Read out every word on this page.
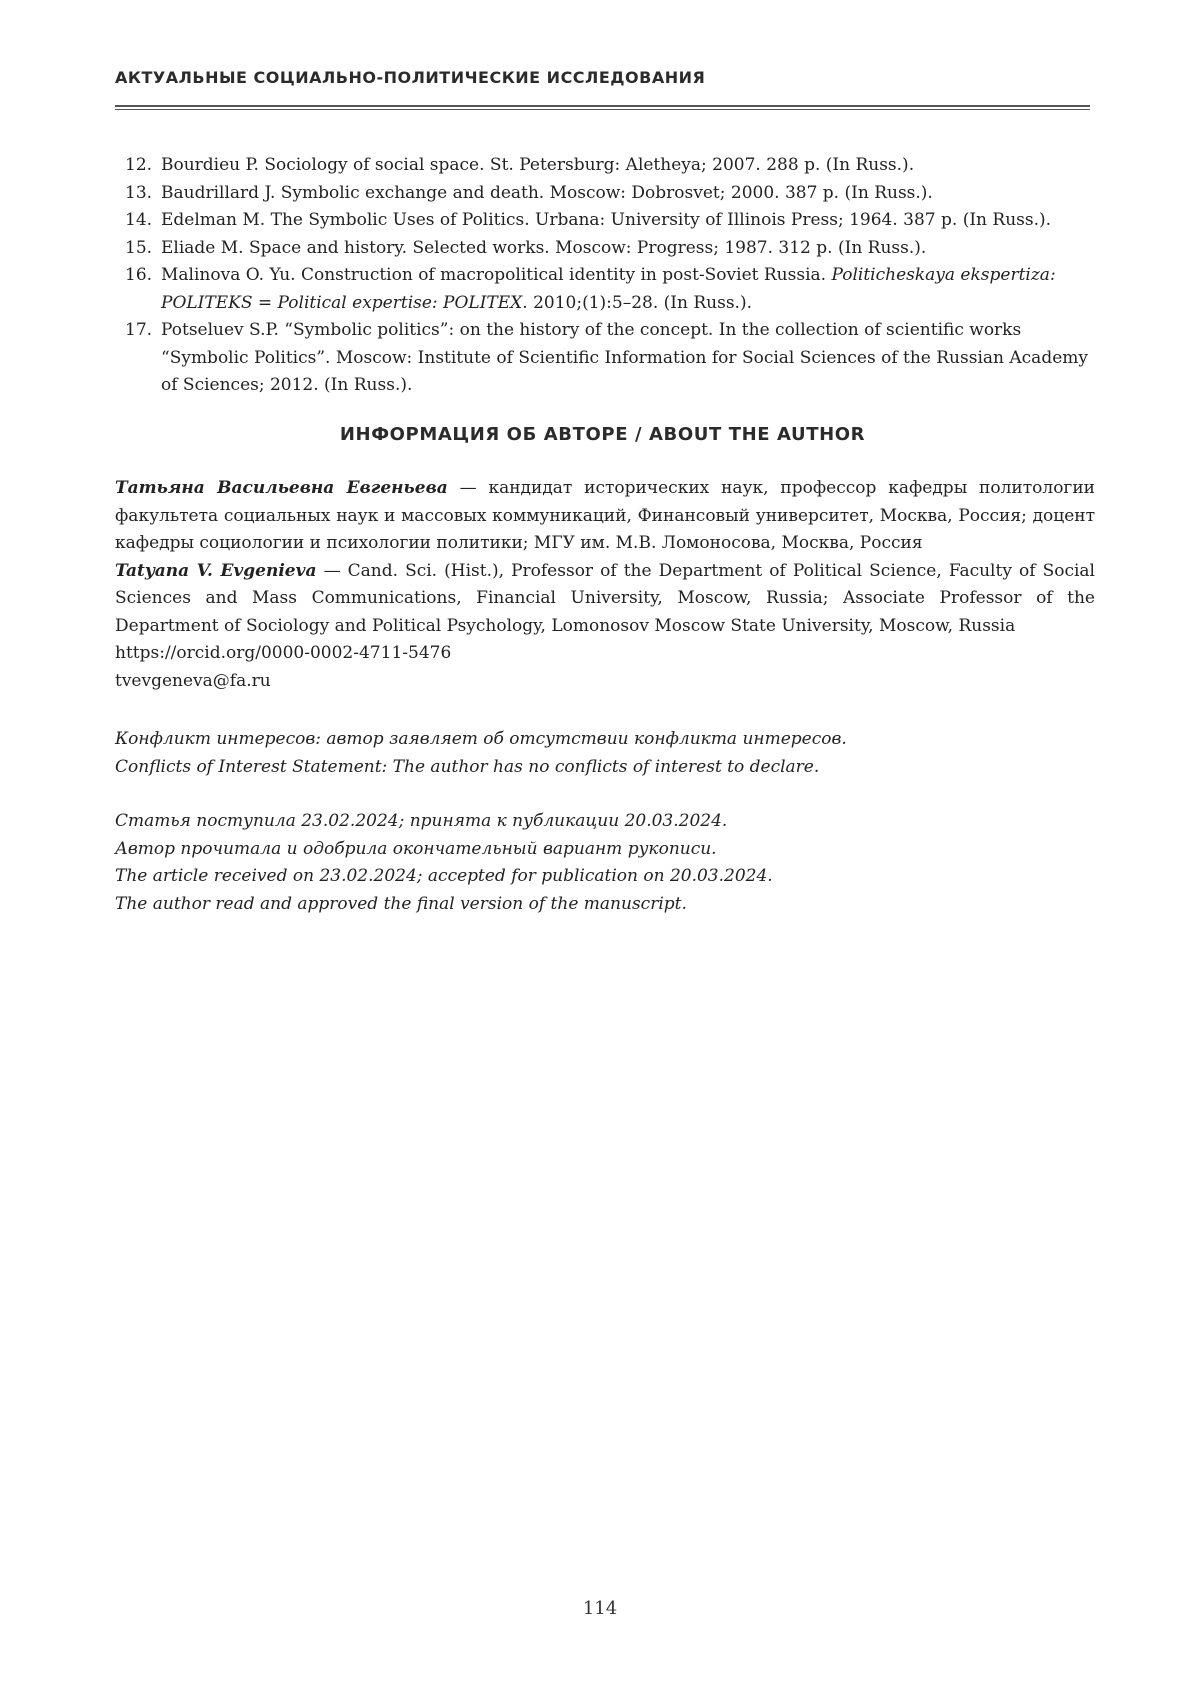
АКТУАЛЬНЫЕ СОЦИАЛЬНО-ПОЛИТИЧЕСКИЕ ИССЛЕДОВАНИЯ
12. Bourdieu P. Sociology of social space. St. Petersburg: Aletheya; 2007. 288 p. (In Russ.).
13. Baudrillard J. Symbolic exchange and death. Moscow: Dobrosvet; 2000. 387 p. (In Russ.).
14. Edelman M. The Symbolic Uses of Politics. Urbana: University of Illinois Press; 1964. 387 p. (In Russ.).
15. Eliade M. Space and history. Selected works. Moscow: Progress; 1987. 312 p. (In Russ.).
16. Malinova O. Yu. Construction of macropolitical identity in post-Soviet Russia. Politicheskaya ekspertiza: POLITEKS = Political expertise: POLITEX. 2010;(1):5–28. (In Russ.).
17. Potseluev S.P. “Symbolic politics”: on the history of the concept. In the collection of scientific works “Symbolic Politics”. Moscow: Institute of Scientific Information for Social Sciences of the Russian Academy of Sciences; 2012. (In Russ.).
ИНФОРМАЦИЯ ОБ АВТОРЕ / ABOUT THE AUTHOR

Татьяна Васильевна Евгеньева — кандидат исторических наук, профессор кафедры политологии факультета социальных наук и массовых коммуникаций, Финансовый университет, Москва, Россия; доцент кафедры социологии и психологии политики; МГУ им. М.В. Ломоносова, Москва, Россия

Tatyana V. Evgenieva — Cand. Sci. (Hist.), Professor of the Department of Political Science, Faculty of Social Sciences and Mass Communications, Financial University, Moscow, Russia; Associate Professor of the Department of Sociology and Political Psychology, Lomonosov Moscow State University, Moscow, Russia

https://orcid.org/0000-0002-4711-5476

tvevgeneva@fa.ru

Конфликт интересов: автор заявляет об отсутствии конфликта интересов.

Conflicts of Interest Statement: The author has no conflicts of interest to declare.

Статья поступила 23.02.2024; принята к публикации 20.03.2024.

Автор прочитала и одобрила окончательный вариант рукописи.

The article received on 23.02.2024; accepted for publication on 20.03.2024.

The author read and approved the final version of the manuscript.

114
